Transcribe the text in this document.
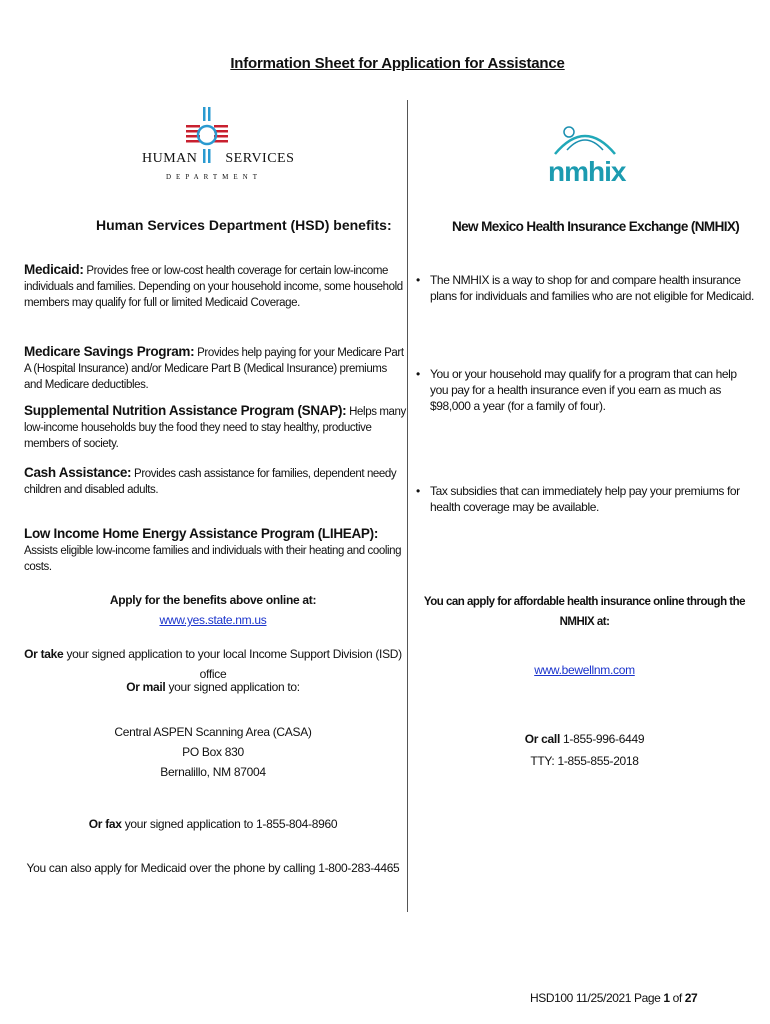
Information Sheet for Application for Assistance
HUMAN SERVICES
DEPARTMENT	nmhix
Human Services Department (HSD) benefits:
Medicaid: Provides free or low-cost health coverage for certain low-income individuals and families. Depending on your household income, some household members may qualify for full or limited Medicaid Coverage.
Medicare Savings Program: Provides help paying for your Medicare Part A (Hospital Insurance) and/or Medicare Part B (Medical Insurance) premiums and Medicare deductibles.
Supplemental Nutrition Assistance Program (SNAP): Helps many low-income households buy the food they need to stay healthy, productive members of society.
Cash Assistance: Provides cash assistance for families, dependent needy children and disabled adults.
Low Income Home Energy Assistance Program (LIHEAP): Assists eligible low-income families and individuals with their heating and cooling costs.
Apply for the benefits above online at:
www.yes.state.nm.us
Or take your signed application to your local Income Support Division (ISD) office
Or mail your signed application to:
Central ASPEN Scanning Area (CASA)
PO Box 830
Bernalillo, NM 87004
Or fax your signed application to 1-855-804-8960
You can also apply for Medicaid over the phone by calling 1-800-283-4465
New Mexico Health Insurance Exchange (NMHIX)
• The NMHIX is a way to shop for and compare health insurance plans for individuals and families who are not eligible for Medicaid.
• You or your household may qualify for a program that can help you pay for a health insurance even if you earn as much as $98,000 a year (for a family of four).
• Tax subsidies that can immediately help pay your premiums for health coverage may be available.
You can apply for affordable health insurance online through the NMHIX at:
www.bewellnm.com
Or call 1-855-996-6449
TTY: 1-855-855-2018
HSD100 11/25/2021 Page 1 of 27
